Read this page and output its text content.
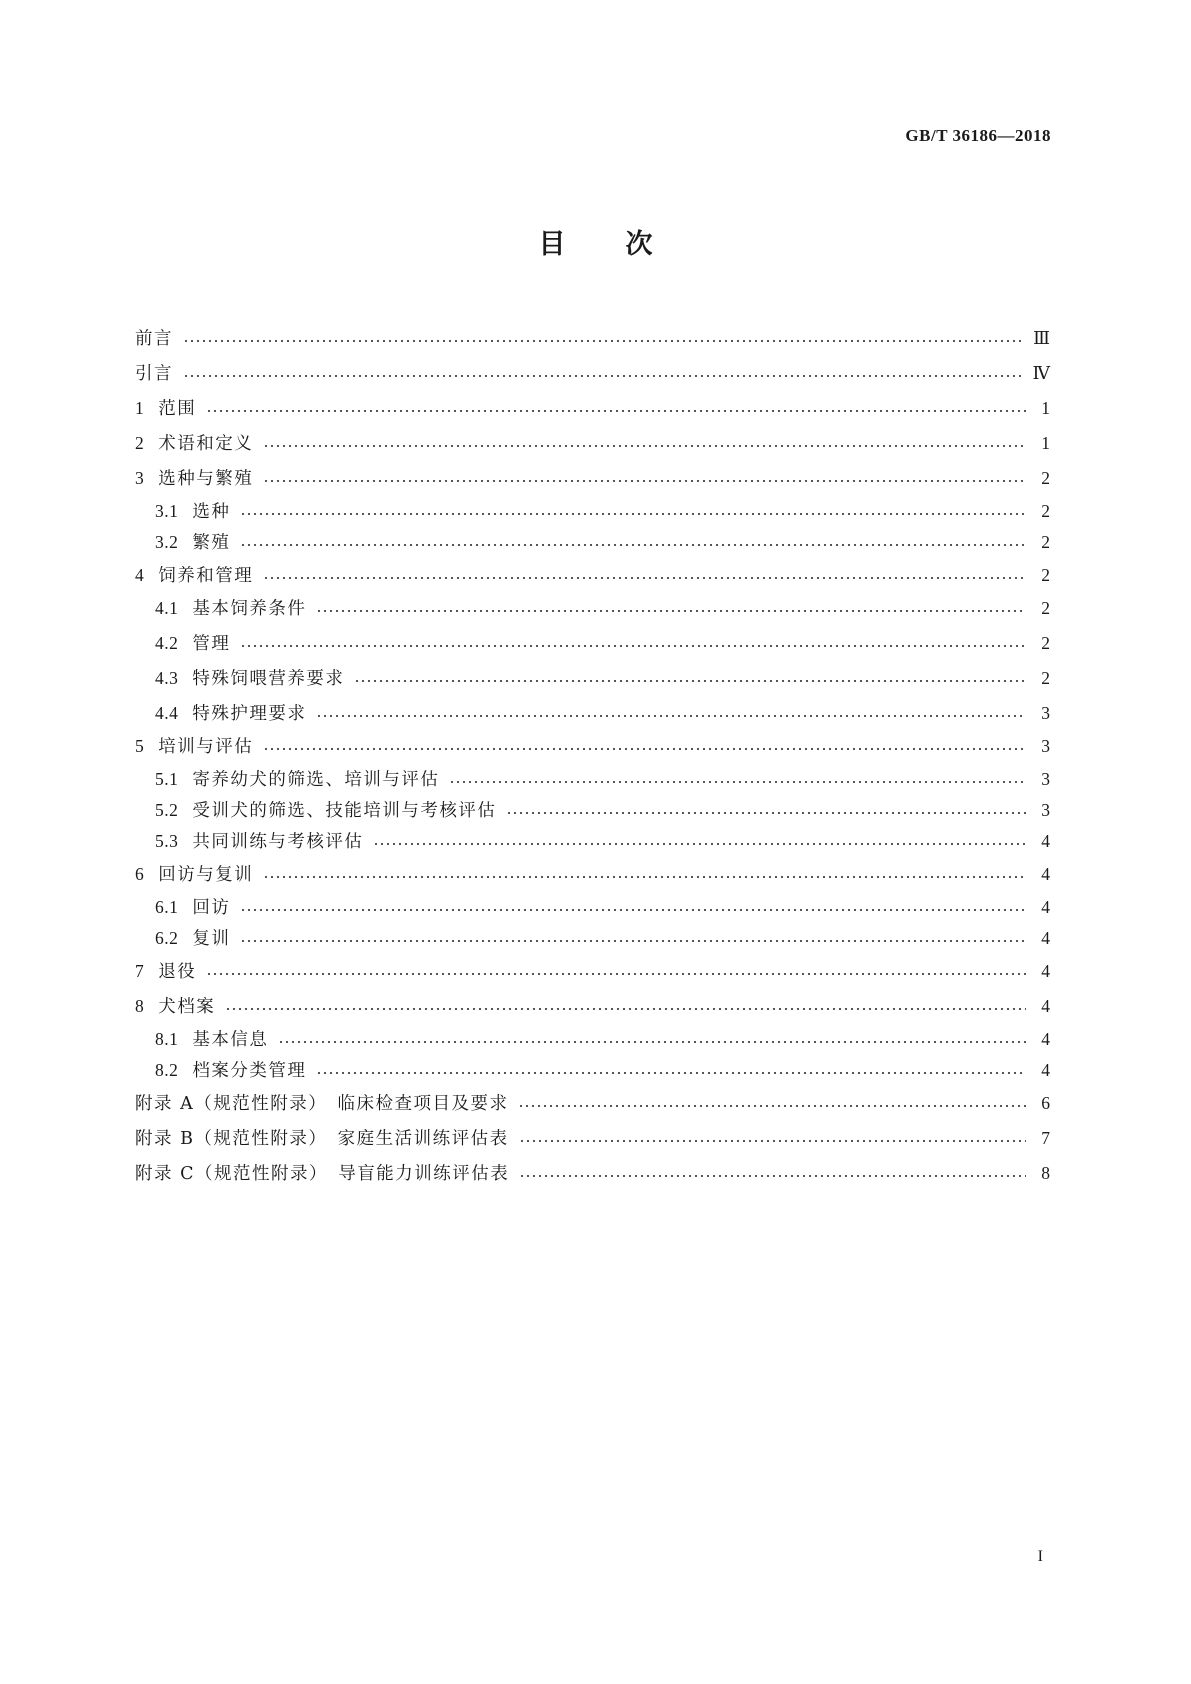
GB/T 36186—2018
目 次
前言	Ⅲ
引言	Ⅳ
1 范围	1
2 术语和定义	1
3 选种与繁殖	2
3.1 选种	2
3.2 繁殖	2
4 饲养和管理	2
4.1 基本饲养条件	2
4.2 管理	2
4.3 特殊饲喂营养要求	2
4.4 特殊护理要求	3
5 培训与评估	3
5.1 寄养幼犬的筛选、培训与评估	3
5.2 受训犬的筛选、技能培训与考核评估	3
5.3 共同训练与考核评估	4
6 回访与复训	4
6.1 回访	4
6.2 复训	4
7 退役	4
8 犬档案	4
8.1 基本信息	4
8.2 档案分类管理	4
附录 A（规范性附录）　临床检查项目及要求	6
附录 B（规范性附录）　家庭生活训练评估表	7
附录 C（规范性附录）　导盲能力训练评估表	8
I
